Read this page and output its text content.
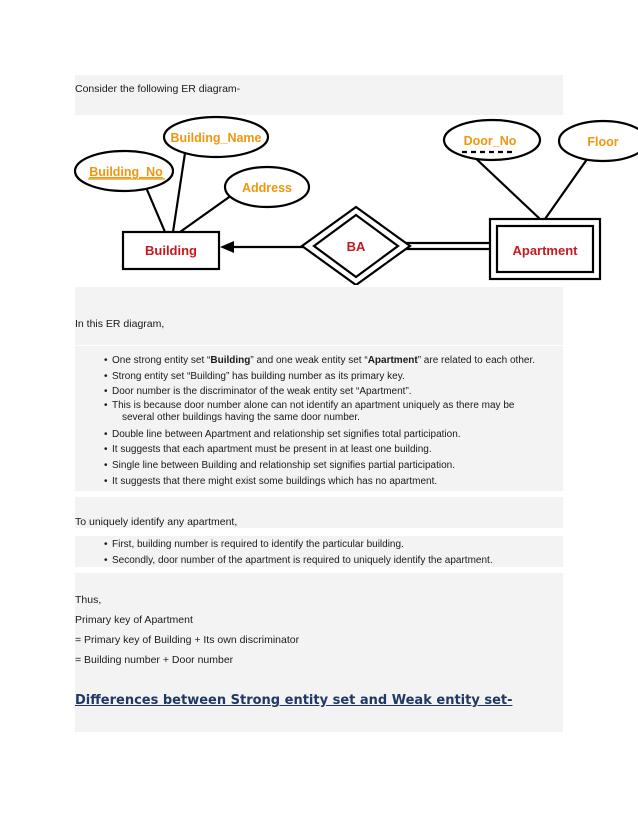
Consider the following ER diagram-
Building_Name
Building_No
Address
Door_No	Floor
Building	Apartment
BA
In this ER diagram,
• One strong entity set “Building” and one weak entity set “Apartment” are related to each other.
• Strong entity set “Building” has building number as its primary key.
• Door number is the discriminator of the weak entity set “Apartment”.
• This is because door number alone can not identify an apartment uniquely as there may be
several other buildings having the same door number.
• Double line between Apartment and relationship set signifies total participation.
• It suggests that each apartment must be present in at least one building.
• Single line between Building and relationship set signifies partial participation.
• It suggests that there might exist some buildings which has no apartment.
To uniquely identify any apartment,
• First, building number is required to identify the particular building.
• Secondly, door number of the apartment is required to uniquely identify the apartment.
Thus,
Primary key of Apartment
= Primary key of Building + Its own discriminator
= Building number + Door number
Differences between Strong entity set and Weak entity set-
